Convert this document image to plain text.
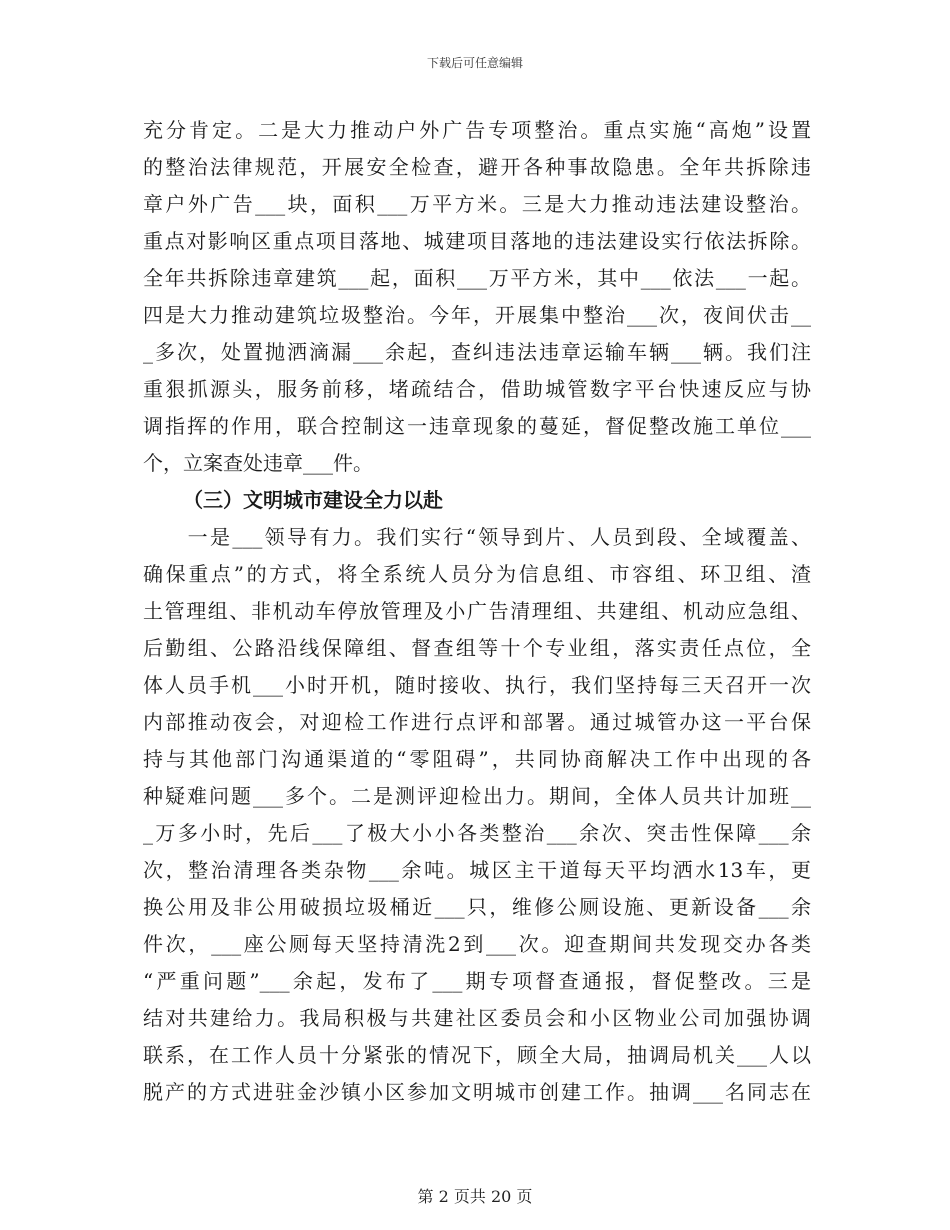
下载后可任意编辑
充分肯定。二是大力推动户外广告专项整治。重点实施“高炮”设置
的整治法律规范，开展安全检查，避开各种事故隐患。全年共拆除违
章户外广告___块，面积___万平方米。三是大力推动违法建设整治。
重点对影响区重点项目落地、城建项目落地的违法建设实行依法拆除。
全年共拆除违章建筑___起，面积___万平方米，其中___依法___一起。
四是大力推动建筑垃圾整治。今年，开展集中整治___次，夜间伏击__
_多次，处置抛洒滴漏___余起，查纠违法违章运输车辆___辆。我们注
重狠抓源头，服务前移，堵疏结合，借助城管数字平台快速反应与协
调指挥的作用，联合控制这一违章现象的蔓延，督促整改施工单位___
个，立案查处违章___件。
（三）文明城市建设全力以赴
　　一是___领导有力。我们实行“领导到片、人员到段、全域覆盖、
确保重点”的方式，将全系统人员分为信息组、市容组、环卫组、渣
土管理组、非机动车停放管理及小广告清理组、共建组、机动应急组、
后勤组、公路沿线保障组、督查组等十个专业组，落实责任点位，全
体人员手机___小时开机，随时接收、执行，我们坚持每三天召开一次
内部推动夜会，对迎检工作进行点评和部署。通过城管办这一平台保
持与其他部门沟通渠道的“零阻碍”，共同协商解决工作中出现的各
种疑难问题___多个。二是测评迎检出力。期间，全体人员共计加班__
_万多小时，先后___了极大小小各类整治___余次、突击性保障___余
次，整治清理各类杂物___余吨。城区主干道每天平均洒水13车，更
换公用及非公用破损垃圾桶近___只，维修公厕设施、更新设备___余
件次，___座公厕每天坚持清洗2到___次。迎查期间共发现交办各类
“严重问题”___余起，发布了___期专项督查通报，督促整改。三是
结对共建给力。我局积极与共建社区委员会和小区物业公司加强协调
联系，在工作人员十分紧张的情况下，顾全大局，抽调局机关___人以
脱产的方式进驻金沙镇小区参加文明城市创建工作。抽调___名同志在
第 2 页共 20 页
